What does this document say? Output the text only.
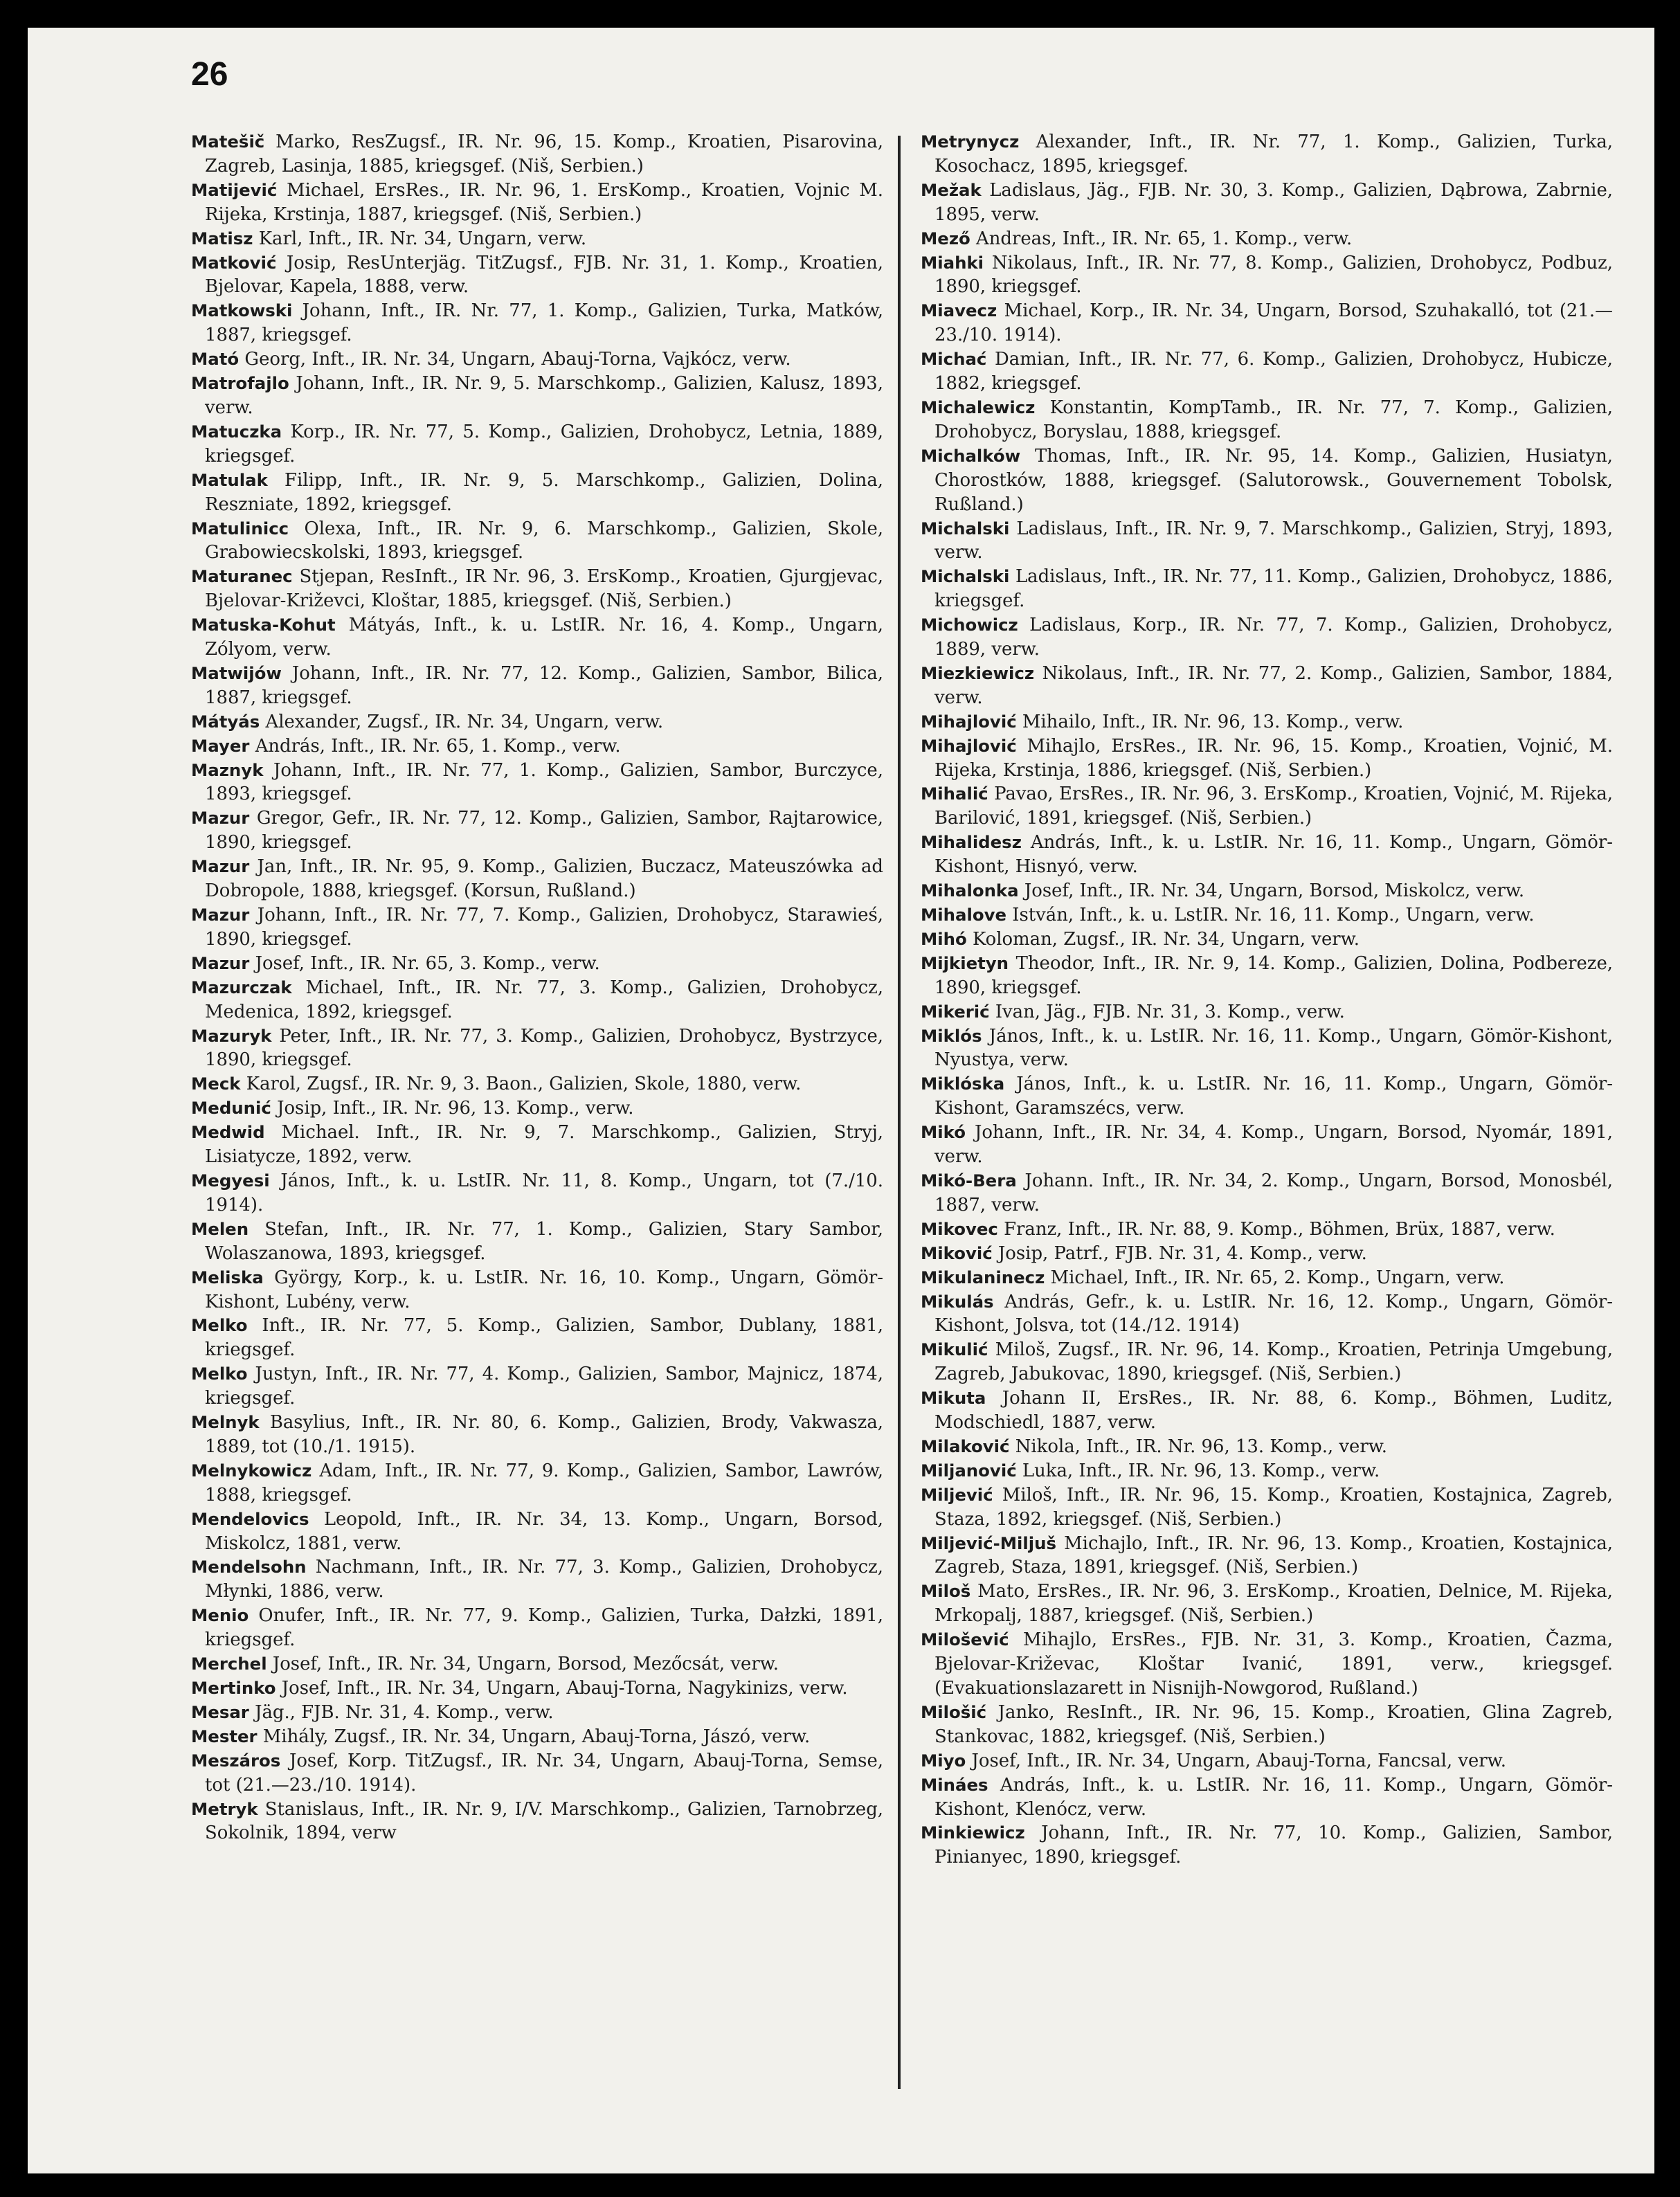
26

Matešič Marko, ResZugsf., IR. Nr. 96, 15. Komp., Kroatien, Pisarovina, Zagreb, Lasinja, 1885, kriegsgef. (Niš, Serbien.)

Matijević Michael, ErsRes., IR. Nr. 96, 1. ErsKomp., Kroatien, Vojnic M. Rijeka, Krstinja, 1887, kriegsgef. (Niš, Serbien.)

Matisz Karl, Inft., IR. Nr. 34, Ungarn, verw.

Matković Josip, ResUnterjäg. TitZugsf., FJB. Nr. 31, 1. Komp., Kroatien, Bjelovar, Kapela, 1888, verw.

Matkowski Johann, Inft., IR. Nr. 77, 1. Komp., Galizien, Turka, Matków, 1887, kriegsgef.

Mató Georg, Inft., IR. Nr. 34, Ungarn, Abauj-Torna, Vajkócz, verw.

Matrofajlo Johann, Inft., IR. Nr. 9, 5. Marschkomp., Galizien, Kalusz, 1893, verw.

Matuczka Korp., IR. Nr. 77, 5. Komp., Galizien, Drohobycz, Letnia, 1889, kriegsgef.

Matulak Filipp, Inft., IR. Nr. 9, 5. Marschkomp., Galizien, Dolina, Reszniate, 1892, kriegsgef.

Matulinicc Olexa, Inft., IR. Nr. 9, 6. Marschkomp., Galizien, Skole, Grabowiecskolski, 1893, kriegsgef.

Maturanec Stjepan, ResInft., IR Nr. 96, 3. ErsKomp., Kroatien, Gjurgjevac, Bjelovar-Križevci, Kloštar, 1885, kriegsgef. (Niš, Serbien.)

Matuska-Kohut Mátyás, Inft., k. u. LstIR. Nr. 16, 4. Komp., Ungarn, Zólyom, verw.

Matwijów Johann, Inft., IR. Nr. 77, 12. Komp., Galizien, Sambor, Bilica, 1887, kriegsgef.

Mátyás Alexander, Zugsf., IR. Nr. 34, Ungarn, verw.

Mayer András, Inft., IR. Nr. 65, 1. Komp., verw.

Maznyk Johann, Inft., IR. Nr. 77, 1. Komp., Galizien, Sambor, Burczyce, 1893, kriegsgef.

Mazur Gregor, Gefr., IR. Nr. 77, 12. Komp., Galizien, Sambor, Rajtarowice, 1890, kriegsgef.

Mazur Jan, Inft., IR. Nr. 95, 9. Komp., Galizien, Buczacz, Mateuszówka ad Dobropole, 1888, kriegsgef. (Korsun, Rußland.)

Mazur Johann, Inft., IR. Nr. 77, 7. Komp., Galizien, Drohobycz, Starawieś, 1890, kriegsgef.

Mazur Josef, Inft., IR. Nr. 65, 3. Komp., verw.

Mazurczak Michael, Inft., IR. Nr. 77, 3. Komp., Galizien, Drohobycz, Medenica, 1892, kriegsgef.

Mazuryk Peter, Inft., IR. Nr. 77, 3. Komp., Galizien, Drohobycz, Bystrzyce, 1890, kriegsgef.

Meck Karol, Zugsf., IR. Nr. 9, 3. Baon., Galizien, Skole, 1880, verw.

Medunić Josip, Inft., IR. Nr. 96, 13. Komp., verw.

Medwid Michael. Inft., IR. Nr. 9, 7. Marschkomp., Galizien, Stryj, Lisiatycze, 1892, verw.

Megyesi János, Inft., k. u. LstIR. Nr. 11, 8. Komp., Ungarn, tot (7./10. 1914).

Melen Stefan, Inft., IR. Nr. 77, 1. Komp., Galizien, Stary Sambor, Wolaszanowa, 1893, kriegsgef.

Meliska György, Korp., k. u. LstIR. Nr. 16, 10. Komp., Ungarn, Gömör-Kishont, Lubény, verw.

Melko Inft., IR. Nr. 77, 5. Komp., Galizien, Sambor, Dublany, 1881, kriegsgef.

Melko Justyn, Inft., IR. Nr. 77, 4. Komp., Galizien, Sambor, Majnicz, 1874, kriegsgef.

Melnyk Basylius, Inft., IR. Nr. 80, 6. Komp., Galizien, Brody, Vakwasza, 1889, tot (10./1. 1915).

Melnykowicz Adam, Inft., IR. Nr. 77, 9. Komp., Galizien, Sambor, Lawrów, 1888, kriegsgef.

Mendelovics Leopold, Inft., IR. Nr. 34, 13. Komp., Ungarn, Borsod, Miskolcz, 1881, verw.

Mendelsohn Nachmann, Inft., IR. Nr. 77, 3. Komp., Galizien, Drohobycz, Młynki, 1886, verw.

Menio Onufer, Inft., IR. Nr. 77, 9. Komp., Galizien, Turka, Dałzki, 1891, kriegsgef.

Merchel Josef, Inft., IR. Nr. 34, Ungarn, Borsod, Mezőcsát, verw.

Mertinko Josef, Inft., IR. Nr. 34, Ungarn, Abauj-Torna, Nagykinizs, verw.

Mesar Jäg., FJB. Nr. 31, 4. Komp., verw.

Mester Mihály, Zugsf., IR. Nr. 34, Ungarn, Abauj-Torna, Jászó, verw.

Meszáros Josef, Korp. TitZugsf., IR. Nr. 34, Ungarn, Abauj-Torna, Semse, tot (21.—23./10. 1914).

Metryk Stanislaus, Inft., IR. Nr. 9, I/V. Marschkomp., Galizien, Tarnobrzeg, Sokolnik, 1894, verw

Metrynycz Alexander, Inft., IR. Nr. 77, 1. Komp., Galizien, Turka, Kosochacz, 1895, kriegsgef.

Mežak Ladislaus, Jäg., FJB. Nr. 30, 3. Komp., Galizien, Dąbrowa, Zabrnie, 1895, verw.

Mező Andreas, Inft., IR. Nr. 65, 1. Komp., verw.

Miahki Nikolaus, Inft., IR. Nr. 77, 8. Komp., Galizien, Drohobycz, Podbuz, 1890, kriegsgef.

Miavecz Michael, Korp., IR. Nr. 34, Ungarn, Borsod, Szuhakalló, tot (21.—23./10. 1914).

Michać Damian, Inft., IR. Nr. 77, 6. Komp., Galizien, Drohobycz, Hubicze, 1882, kriegsgef.

Michalewicz Konstantin, KompTamb., IR. Nr. 77, 7. Komp., Galizien, Drohobycz, Boryslau, 1888, kriegsgef.

Michalków Thomas, Inft., IR. Nr. 95, 14. Komp., Galizien, Husiatyn, Chorostków, 1888, kriegsgef. (Salutorowsk., Gouvernement Tobolsk, Rußland.)

Michalski Ladislaus, Inft., IR. Nr. 9, 7. Marschkomp., Galizien, Stryj, 1893, verw.

Michalski Ladislaus, Inft., IR. Nr. 77, 11. Komp., Galizien, Drohobycz, 1886, kriegsgef.

Michowicz Ladislaus, Korp., IR. Nr. 77, 7. Komp., Galizien, Drohobycz, 1889, verw.

Miezkiewicz Nikolaus, Inft., IR. Nr. 77, 2. Komp., Galizien, Sambor, 1884, verw.

Mihajlović Mihailo, Inft., IR. Nr. 96, 13. Komp., verw.

Mihajlović Mihajlo, ErsRes., IR. Nr. 96, 15. Komp., Kroatien, Vojnić, M. Rijeka, Krstinja, 1886, kriegsgef. (Niš, Serbien.)

Mihalić Pavao, ErsRes., IR. Nr. 96, 3. ErsKomp., Kroatien, Vojnić, M. Rijeka, Barilović, 1891, kriegsgef. (Niš, Serbien.)

Mihalidesz András, Inft., k. u. LstIR. Nr. 16, 11. Komp., Ungarn, Gömör-Kishont, Hisnyó, verw.

Mihalonka Josef, Inft., IR. Nr. 34, Ungarn, Borsod, Miskolcz, verw.

Mihalove István, Inft., k. u. LstIR. Nr. 16, 11. Komp., Ungarn, verw.

Mihó Koloman, Zugsf., IR. Nr. 34, Ungarn, verw.

Mijkietyn Theodor, Inft., IR. Nr. 9, 14. Komp., Galizien, Dolina, Podbereze, 1890, kriegsgef.

Mikerić Ivan, Jäg., FJB. Nr. 31, 3. Komp., verw.

Miklós János, Inft., k. u. LstIR. Nr. 16, 11. Komp., Ungarn, Gömör-Kishont, Nyustya, verw.

Miklóska János, Inft., k. u. LstIR. Nr. 16, 11. Komp., Ungarn, Gömör-Kishont, Garamszécs, verw.

Mikó Johann, Inft., IR. Nr. 34, 4. Komp., Ungarn, Borsod, Nyomár, 1891, verw.

Mikó-Bera Johann. Inft., IR. Nr. 34, 2. Komp., Ungarn, Borsod, Monosbél, 1887, verw.

Mikovec Franz, Inft., IR. Nr. 88, 9. Komp., Böhmen, Brüx, 1887, verw.

Miković Josip, Patrf., FJB. Nr. 31, 4. Komp., verw.

Mikulaninecz Michael, Inft., IR. Nr. 65, 2. Komp., Ungarn, verw.

Mikulás András, Gefr., k. u. LstIR. Nr. 16, 12. Komp., Ungarn, Gömör-Kishont, Jolsva, tot (14./12. 1914)

Mikulić Miloš, Zugsf., IR. Nr. 96, 14. Komp., Kroatien, Petrinja Umgebung, Zagreb, Jabukovac, 1890, kriegsgef. (Niš, Serbien.)

Mikuta Johann II, ErsRes., IR. Nr. 88, 6. Komp., Böhmen, Luditz, Modschiedl, 1887, verw.

Milaković Nikola, Inft., IR. Nr. 96, 13. Komp., verw.

Miljanović Luka, Inft., IR. Nr. 96, 13. Komp., verw.

Miljević Miloš, Inft., IR. Nr. 96, 15. Komp., Kroatien, Kostajnica, Zagreb, Staza, 1892, kriegsgef. (Niš, Serbien.)

Miljević-Miljuš Michajlo, Inft., IR. Nr. 96, 13. Komp., Kroatien, Kostajnica, Zagreb, Staza, 1891, kriegsgef. (Niš, Serbien.)

Miloš Mato, ErsRes., IR. Nr. 96, 3. ErsKomp., Kroatien, Delnice, M. Rijeka, Mrkopalj, 1887, kriegsgef. (Niš, Serbien.)

Milošević Mihajlo, ErsRes., FJB. Nr. 31, 3. Komp., Kroatien, Čazma, Bjelovar-Križevac, Kloštar Ivanić, 1891, verw., kriegsgef. (Evakuationslazarett in Nisnijh-Nowgorod, Rußland.)

Milošić Janko, ResInft., IR. Nr. 96, 15. Komp., Kroatien, Glina Zagreb, Stankovac, 1882, kriegsgef. (Niš, Serbien.)

Miyo Josef, Inft., IR. Nr. 34, Ungarn, Abauj-Torna, Fancsal, verw.

Mináes András, Inft., k. u. LstIR. Nr. 16, 11. Komp., Ungarn, Gömör-Kishont, Klenócz, verw.

Minkiewicz Johann, Inft., IR. Nr. 77, 10. Komp., Galizien, Sambor, Pinianyec, 1890, kriegsgef.
